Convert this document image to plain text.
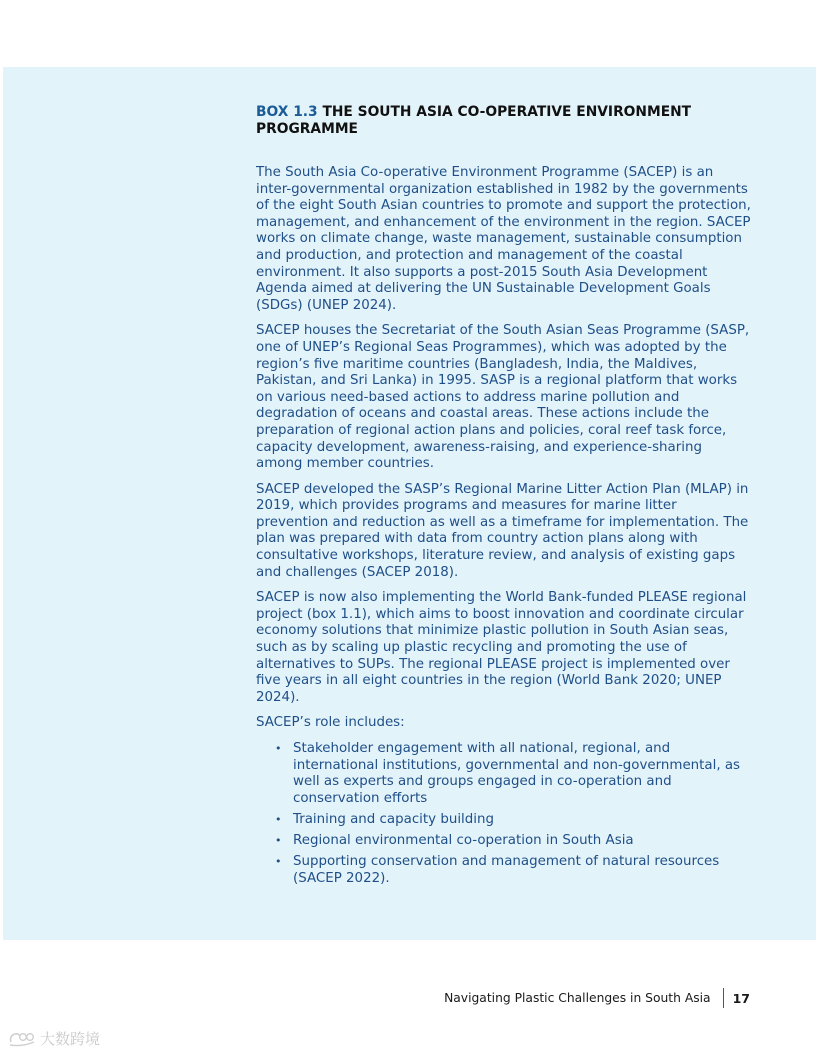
BOX 1.3 THE SOUTH ASIA CO-OPERATIVE ENVIRONMENT PROGRAMME

The South Asia Co-operative Environment Programme (SACEP) is an inter-governmental organization established in 1982 by the governments of the eight South Asian countries to promote and support the protection, management, and enhancement of the environment in the region. SACEP works on climate change, waste management, sustainable consumption and production, and protection and management of the coastal environment. It also supports a post-2015 South Asia Development Agenda aimed at delivering the UN Sustainable Development Goals (SDGs) (UNEP 2024).

SACEP houses the Secretariat of the South Asian Seas Programme (SASP, one of UNEP’s Regional Seas Programmes), which was adopted by the region’s five maritime countries (Bangladesh, India, the Maldives, Pakistan, and Sri Lanka) in 1995. SASP is a regional platform that works on various need-based actions to address marine pollution and degradation of oceans and coastal areas. These actions include the preparation of regional action plans and policies, coral reef task force, capacity development, awareness-raising, and experience-sharing among member countries.

SACEP developed the SASP’s Regional Marine Litter Action Plan (MLAP) in 2019, which provides programs and measures for marine litter prevention and reduction as well as a timeframe for implementation. The plan was prepared with data from country action plans along with consultative workshops, literature review, and analysis of existing gaps and challenges (SACEP 2018).

SACEP is now also implementing the World Bank-funded PLEASE regional project (box 1.1), which aims to boost innovation and coordinate circular economy solutions that minimize plastic pollution in South Asian seas, such as by scaling up plastic recycling and promoting the use of alternatives to SUPs. The regional PLEASE project is implemented over five years in all eight countries in the region (World Bank 2020; UNEP 2024).

SACEP’s role includes:

• Stakeholder engagement with all national, regional, and international institutions, governmental and non-governmental, as well as experts and groups engaged in co-operation and conservation efforts
• Training and capacity building
• Regional environmental co-operation in South Asia
• Supporting conservation and management of natural resources (SACEP 2022).
Navigating Plastic Challenges in South Asia 17
大数跨境
